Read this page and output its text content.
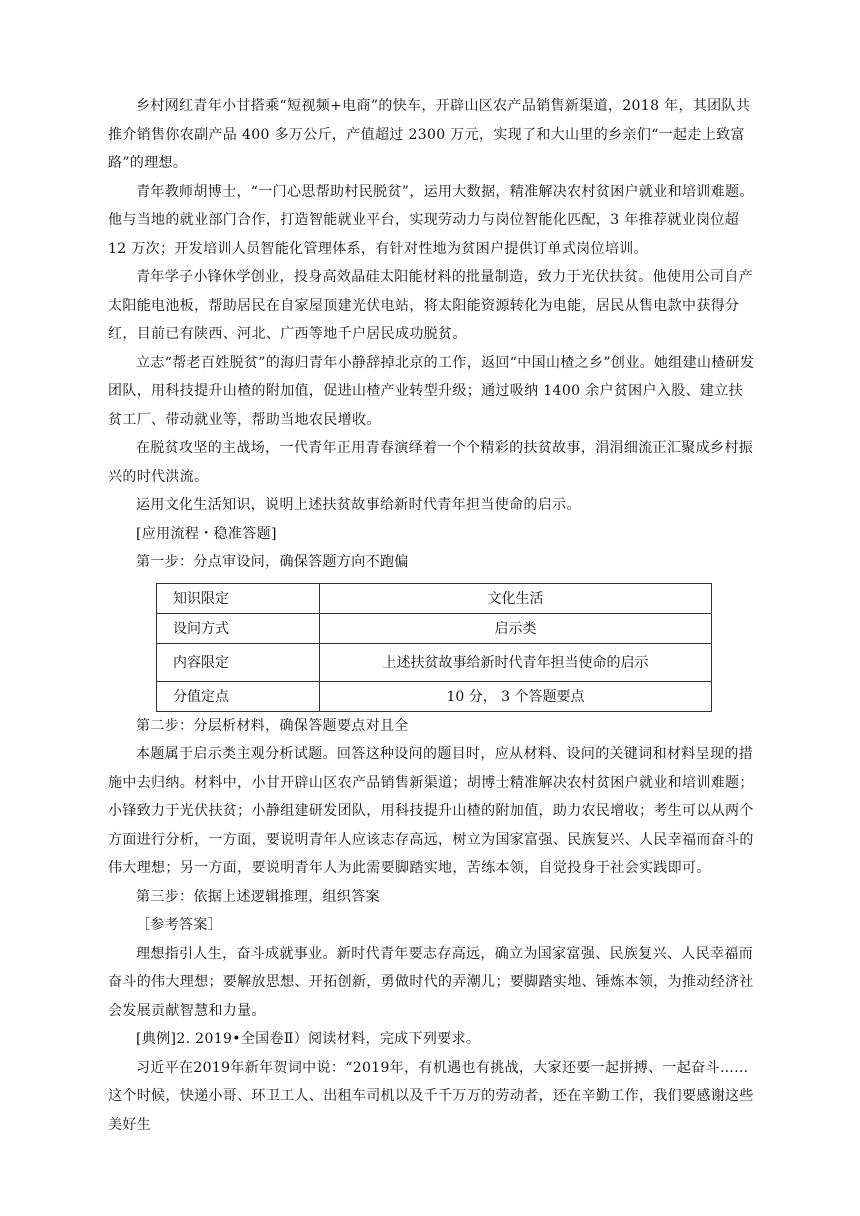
乡村网红青年小甘搭乘“短视频+电商”的快车，开辟山区农产品销售新渠道，2018 年，其团队共推介销售你农副产品 400 多万公斤，产值超过 2300 万元，实现了和大山里的乡亲们“一起走上致富路”的理想。

青年教师胡博士，“一门心思帮助村民脱贫”，运用大数据，精准解决农村贫困户就业和培训难题。他与当地的就业部门合作，打造智能就业平台，实现劳动力与岗位智能化匹配，3 年推荐就业岗位超 12 万次；开发培训人员智能化管理体系，有针对性地为贫困户提供订单式岗位培训。

青年学子小锋休学创业，投身高效晶硅太阳能材料的批量制造，致力于光伏扶贫。他使用公司自产太阳能电池板，帮助居民在自家屋顶建光伏电站，将太阳能资源转化为电能，居民从售电款中获得分红，目前已有陕西、河北、广西等地千户居民成功脱贫。

立志“帮老百姓脱贫”的海归青年小静辞掉北京的工作，返回“中国山楂之乡”创业。她组建山楂研发团队，用科技提升山楂的附加值，促进山楂产业转型升级；通过吸纳 1400 余户贫困户入股、建立扶贫工厂、带动就业等，帮助当地农民增收。

在脱贫攻坚的主战场，一代青年正用青春演绎着一个个精彩的扶贫故事，涓涓细流正汇聚成乡村振兴的时代洪流。

运用文化生活知识，说明上述扶贫故事给新时代青年担当使命的启示。

[应用流程・稳准答题]

第一步：分点审设问，确保答题方向不跑偏

知识限定	文化生活
设问方式	启示类
内容限定	上述扶贫故事给新时代青年担当使命的启示
分值定点	10 分， 3 个答题要点

第二步：分层析材料，确保答题要点对且全

本题属于启示类主观分析试题。回答这种设问的题目时，应从材料、设问的关键词和材料呈现的措施中去归纳。材料中，小甘开辟山区农产品销售新渠道；胡博士精准解决农村贫困户就业和培训难题；小锋致力于光伏扶贫；小静组建研发团队，用科技提升山楂的附加值，助力农民增收；考生可以从两个方面进行分析，一方面，要说明青年人应该志存高远，树立为国家富强、民族复兴、人民幸福而奋斗的伟大理想；另一方面，要说明青年人为此需要脚踏实地，苦练本领，自觉投身于社会实践即可。

第三步：依据上述逻辑推理，组织答案

［参考答案］

理想指引人生，奋斗成就事业。新时代青年要志存高远，确立为国家富强、民族复兴、人民幸福而奋斗的伟大理想；要解放思想、开拓创新，勇做时代的弄潮儿；要脚踏实地、锤炼本领，为推动经济社会发展贡献智慧和力量。

[典例]2. 2019•全国卷Ⅱ）阅读材料，完成下列要求。

习近平在2019年新年贺词中说：“2019年，有机遇也有挑战，大家还要一起拼搏、一起奋斗……这个时候，快递小哥、环卫工人、出租车司机以及千千万万的劳动者，还在辛勤工作，我们要感谢这些美好生
